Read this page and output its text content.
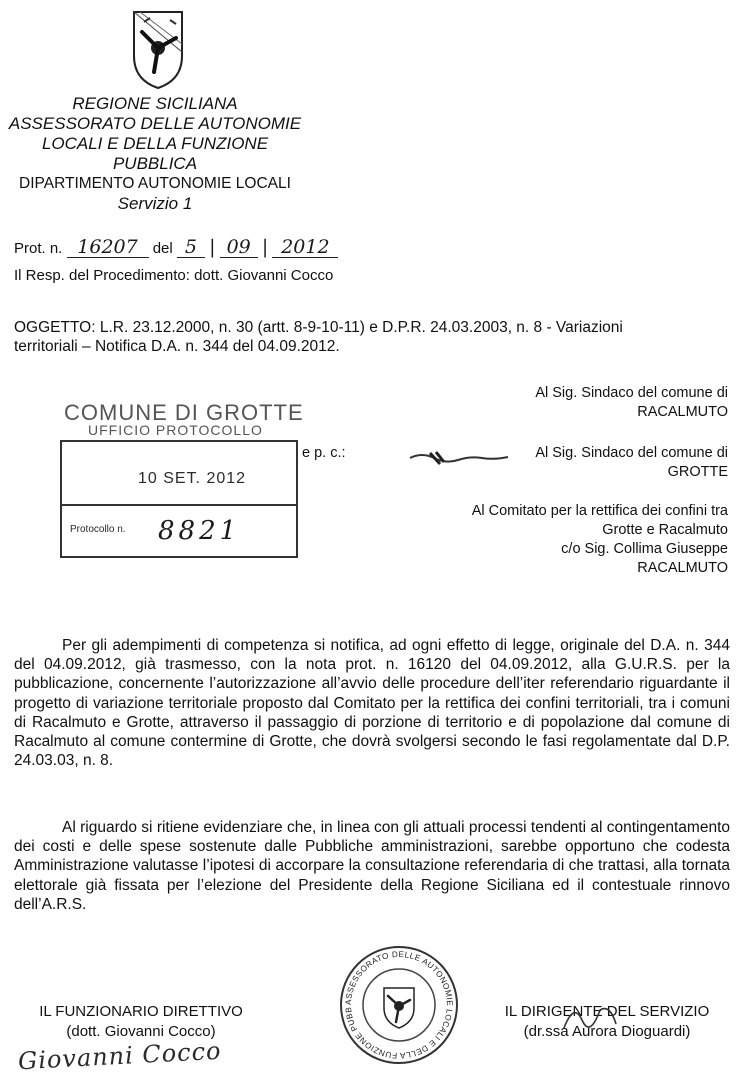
REGIONE SICILIANA
ASSESSORATO DELLE AUTONOMIE
LOCALI E DELLA FUNZIONE PUBBLICA
DIPARTIMENTO AUTONOMIE LOCALI
Servizio 1
Prot. n. 16207 del 5 | 09 | 2012
Il Resp. del Procedimento: dott. Giovanni Cocco
OGGETTO: L.R. 23.12.2000, n. 30 (artt. 8-9-10-11) e D.P.R. 24.03.2003, n. 8 - Variazioni
territoriali – Notifica D.A. n. 344 del 04.09.2012.
COMUNE DI GROTTE
UFFICIO PROTOCOLLO
10 SET. 2012
Protocollo n. 8821
Al Sig. Sindaco del comune di
RACALMUTO
e p. c.:	Al Sig. Sindaco del comune di
GROTTE
Al Comitato per la rettifica dei confini tra
Grotte e Racalmuto
c/o Sig. Collima Giuseppe
RACALMUTO
Per gli adempimenti di competenza si notifica, ad ogni effetto di legge, originale del D.A. n. 344 del 04.09.2012, già trasmesso, con la nota prot. n. 16120 del 04.09.2012, alla G.U.R.S. per la pubblicazione, concernente l’autorizzazione all’avvio delle procedure dell’iter referendario riguardante il progetto di variazione territoriale proposto dal Comitato per la rettifica dei confini territoriali, tra i comuni di Racalmuto e Grotte, attraverso il passaggio di porzione di territorio e di popolazione dal comune di Racalmuto al comune contermine di Grotte, che dovrà svolgersi secondo le fasi regolamentate dal D.P. 24.03.03, n. 8.
Al riguardo si ritiene evidenziare che, in linea con gli attuali processi tendenti al contingentamento dei costi e delle spese sostenute dalle Pubbliche amministrazioni, sarebbe opportuno che codesta Amministrazione valutasse l’ipotesi di accorpare la consultazione referendaria di che trattasi, alla tornata elettorale già fissata per l’elezione del Presidente della Regione Siciliana ed il contestuale rinnovo dell’A.R.S.
ASSESSORATO DELLE AUTONOMIE LOCALI E DELLA FUNZIONE PUBB
IL FUNZIONARIO DIRETTIVO
(dott. Giovanni Cocco)
Giovanni Cocco
IL DIRIGENTE DEL SERVIZIO
(dr.ssa Aurora Dioguardi)
